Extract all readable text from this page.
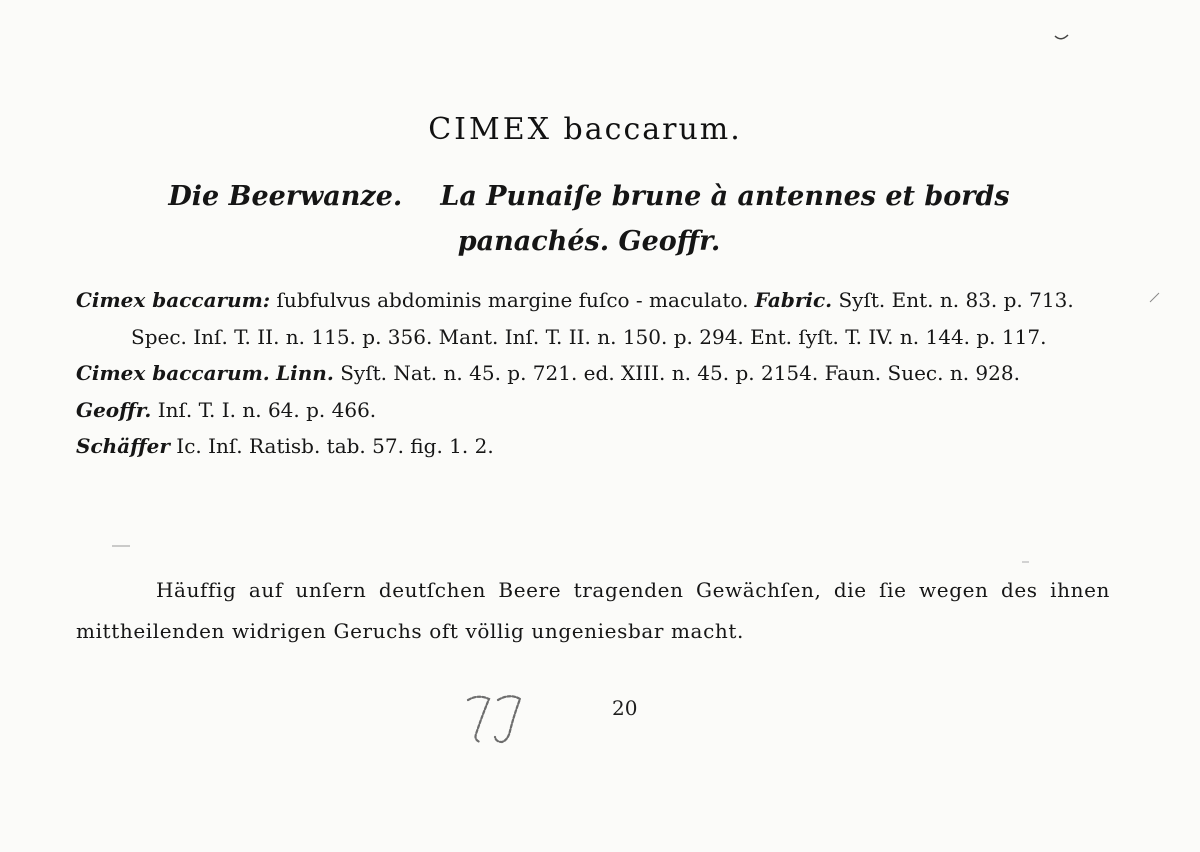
CIMEX baccarum.
Die Beerwanze. La Punaiſe brune à antennes et bords
panachés. Geoffr.

Cimex baccarum: ſubfulvus abdominis margine fuſco - maculato. Fabric. Syſt. Ent. n. 83. p. 713. Spec. Inſ. T. II. n. 115. p. 356. Mant. Inſ. T. II. n. 150. p. 294. Ent. ſyſt. T. IV. n. 144. p. 117.

Cimex baccarum. Linn. Syſt. Nat. n. 45. p. 721. ed. XIII. n. 45. p. 2154. Faun. Suec. n. 928.

Geoffr. Inſ. T. I. n. 64. p. 466.

Schäffer Ic. Inſ. Ratisb. tab. 57. fig. 1. 2.

Häuffig auf unſern deutſchen Beere tragenden Gewächſen, die ſie wegen des ihnen mittheilenden widrigen Geruchs oft völlig ungeniesbar macht.
20
